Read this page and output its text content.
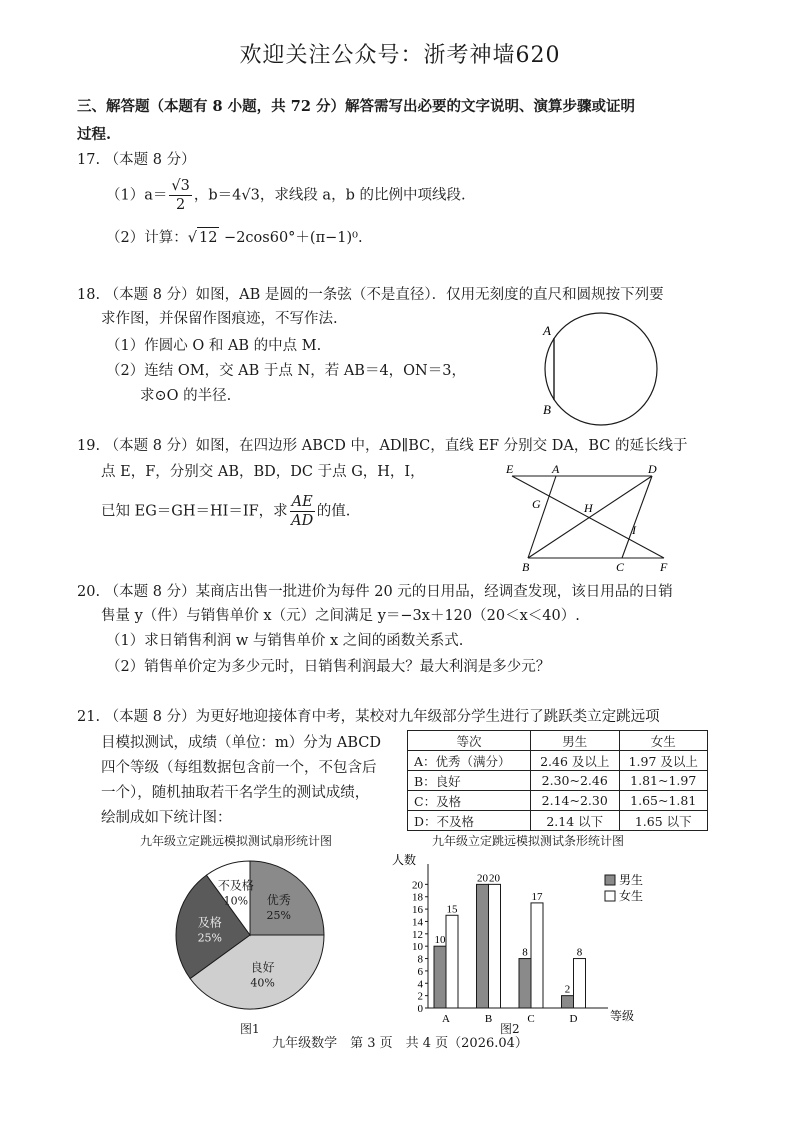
欢迎关注公众号：浙考神墙620
三、解答题（本题有 8 小题，共 72 分）解答需写出必要的文字说明、演算步骤或证明
过程.
17. （本题 8 分）
$(1)a= \frac{√3}{2}$ ，b＝4√3，求线段 a，b 的比例中项线段.
（2）计算：√ 12 −2cos60°＋(π−1)⁰.
18. （本题 8 分）如图，AB 是圆的一条弦（不是直径）．仅用无刻度的直尺和圆规按下列要
求作图，并保留作图痕迹，不写作法.
（1）作圆心 O 和 AB 的中点 M.
（2）连结 OM，交 AB 于点 N，若 AB＝4，ON＝3，
求⊙O 的半径.
A
B
19. （本题 8 分）如图，在四边形 ABCD 中，AD∥BC，直线 EF 分别交 DA，BC 的延长线于
点 E，F，分别交 AB，BD，DC 于点 G，H，I，
已知 EG＝GH＝HI＝IF，求 $\frac{AE}{AD}$ 的值.
E	A	D
G	H
I
B	C	F
20. （本题 8 分）某商店出售一批进价为每件 20 元的日用品，经调查发现，该日用品的日销
售量 y（件）与销售单价 x（元）之间满足 y＝−3x＋120（20＜x＜40）.
（1）求日销售利润 w 与销售单价 x 之间的函数关系式.
（2）销售单价定为多少元时，日销售利润最大？最大利润是多少元？
21. （本题 8 分）为更好地迎接体育中考，某校对九年级部分学生进行了跳跃类立定跳远项
目模拟测试，成绩（单位：m）分为 ABCD
四个等级（每组数据包含前一个，不包含后
一个），随机抽取若干名学生的测试成绩，
绘制成如下统计图：
等次	男生	女生
A：优秀（满分）	2.46 及以上	1.97 及以上
B：良好	2.30~2.46	1.81~1.97
C：及格	2.14~2.30	1.65~1.81
D：不及格	2.14 以下	1.65 以下
九年级立定跳远模拟测试扇形统计图	九年级立定跳远模拟测试条形统计图
优秀
25%
良好
40%
及格
25%
不及格
10%
人数
等级
0
2
4
6
8
10
12
14
16
18
20
10
15
A
20 20
B
8
17
C
2
8
D
男生
女生
图1	图2
九年级数学　第 3 页　共 4 页（2026.04）
